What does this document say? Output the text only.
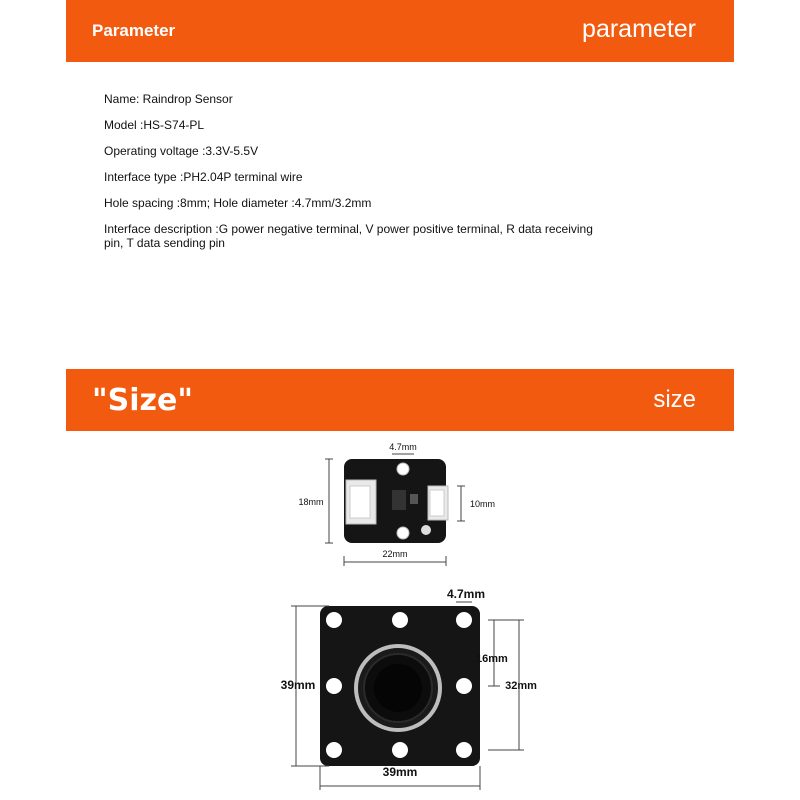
Parameter	parameter
Name: Raindrop Sensor
Model :HS-S74-PL
Operating voltage :3.3V-5.5V
Interface type :PH2.04P terminal wire
Hole spacing :8mm; Hole diameter :4.7mm/3.2mm
Interface description :G power negative terminal, V power positive terminal, R data receiving pin, T data sending pin
"Size"	size
4.7mm
18mm	10mm
22mm
4.7mm
16mm
39mm	32mm
39mm
